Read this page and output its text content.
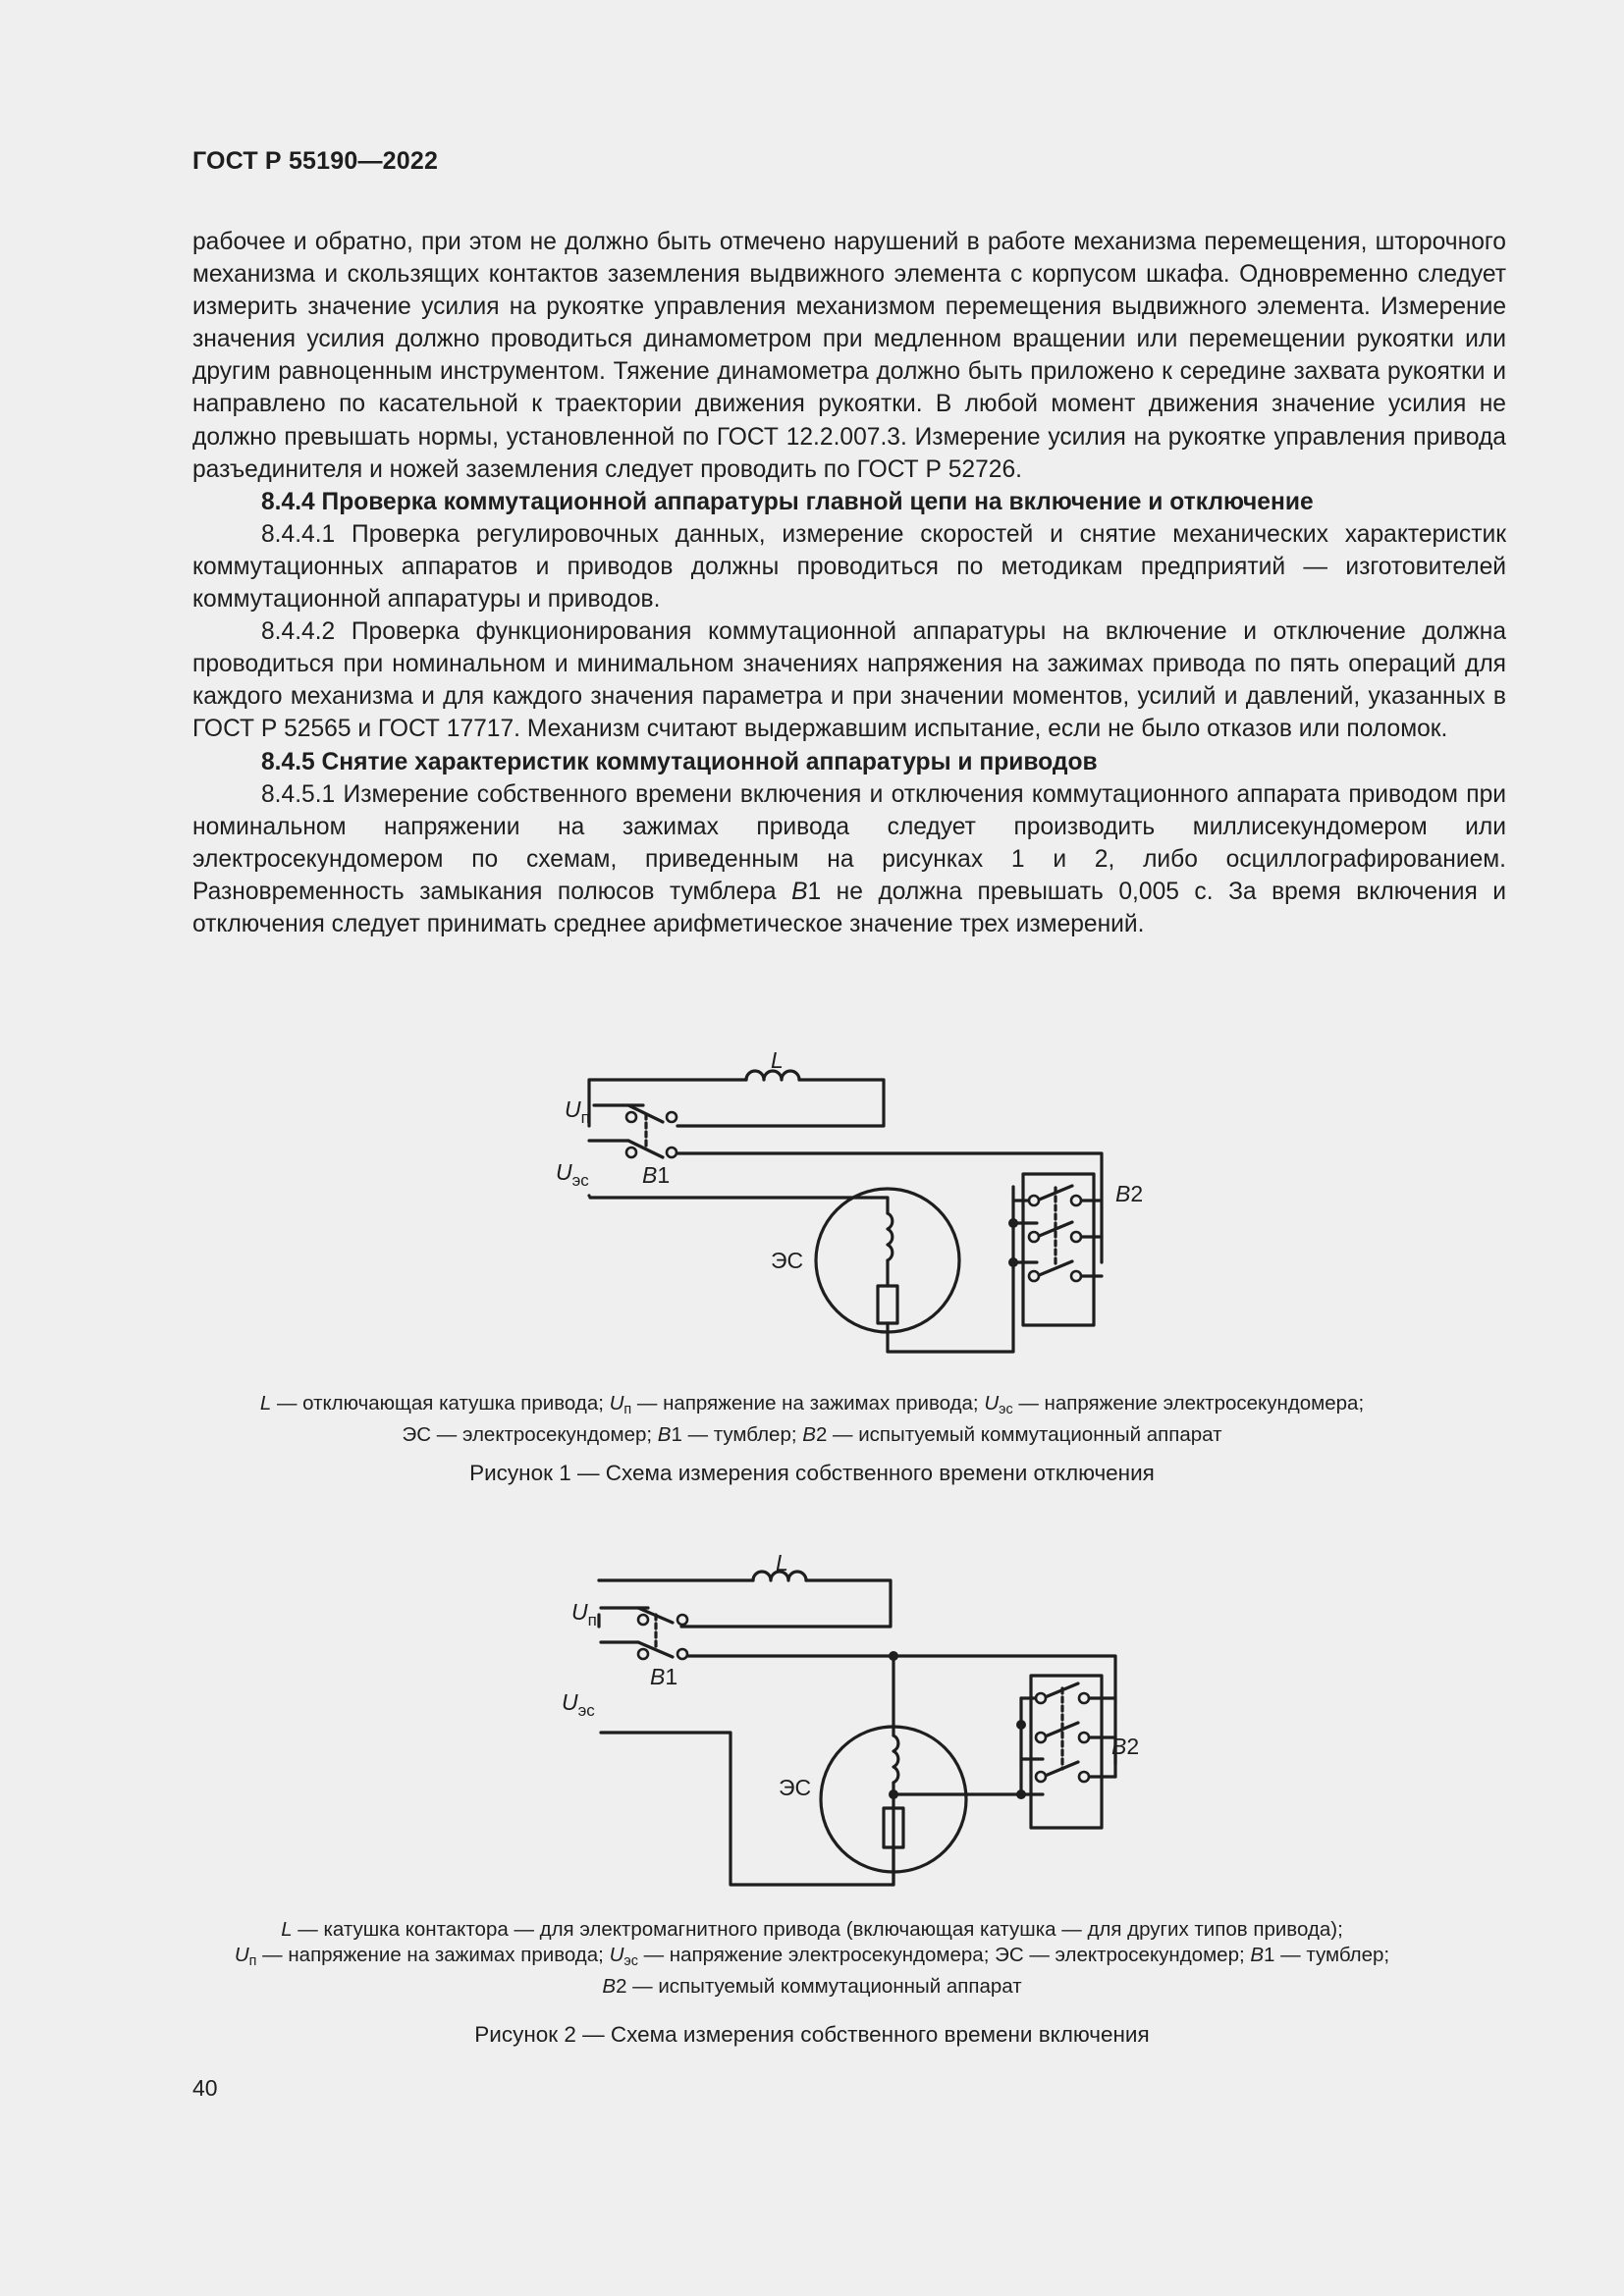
ГОСТ Р 55190—2022

рабочее и обратно, при этом не должно быть отмечено нарушений в работе механизма перемещения, шторочного механизма и скользящих контактов заземления выдвижного элемента с корпусом шкафа. Одновременно следует измерить значение усилия на рукоятке управления механизмом перемещения выдвижного элемента. Измерение значения усилия должно проводиться динамометром при медленном вращении или перемещении рукоятки или другим равноценным инструментом. Тяжение динамометра должно быть приложено к середине захвата рукоятки и направлено по касательной к траектории движения рукоятки. В любой момент движения значение усилия не должно превышать нормы, установленной по ГОСТ 12.2.007.3. Измерение усилия на рукоятке управления привода разъединителя и ножей заземления следует проводить по ГОСТ Р 52726.

8.4.4 Проверка коммутационной аппаратуры главной цепи на включение и отключение

8.4.4.1 Проверка регулировочных данных, измерение скоростей и снятие механических характеристик коммутационных аппаратов и приводов должны проводиться по методикам предприятий — изготовителей коммутационной аппаратуры и приводов.

8.4.4.2 Проверка функционирования коммутационной аппаратуры на включение и отключение должна проводиться при номинальном и минимальном значениях напряжения на зажимах привода по пять операций для каждого механизма и для каждого значения параметра и при значении моментов, усилий и давлений, указанных в ГОСТ Р 52565 и ГОСТ 17717. Механизм считают выдержавшим испытание, если не было отказов или поломок.

8.4.5 Снятие характеристик коммутационной аппаратуры и приводов

8.4.5.1 Измерение собственного времени включения и отключения коммутационного аппарата приводом при номинальном напряжении на зажимах привода следует производить миллисекундомером или электросекундомером по схемам, приведенным на рисунках 1 и 2, либо осциллографированием. Разновременность замыкания полюсов тумблера В1 не должна превышать 0,005 с. За время включения и отключения следует принимать среднее арифметическое значение трех измерений.

L
$U_п$
$U_{эс}$ В1
В2
ЭС

L — отключающая катушка привода; $U_п$ — напряжение на зажимах привода; $U_{эс}$ — напряжение электросекундомера;

ЭС — электросекундомер; В1 — тумблер; В2 — испытуемый коммутационный аппарат

Рисунок 1 — Схема измерения собственного времени отключения
L
$U_п$
$U_{эс}$
В1
В2
ЭС

L — катушка контактора — для электромагнитного привода (включающая катушка — для других типов привода);

$U_п$ — напряжение на зажимах привода; $U_{эс}$ — напряжение электросекундомера; ЭС — электросекундомер; В1 — тумблер;

В2 — испытуемый коммутационный аппарат

Рисунок 2 — Схема измерения собственного времени включения
40
